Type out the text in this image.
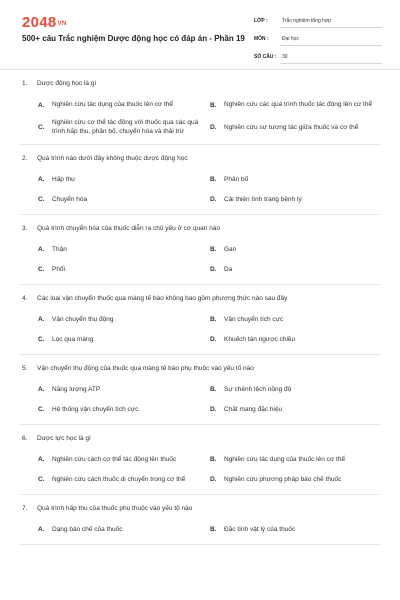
2048VN
500+ câu Trắc nghiệm Dược động học có đáp án - Phần 19
LỚP :	Trắc nghiệm tổng hợp
MÔN :	Đại học
SỐ CÂU :	30
1.	Dược động học là gì
A.	Nghiên cứu tác dụng của thuốc lên cơ thể	B.	Nghiên cứu các quá trình thuốc tác động lên cơ thể
C.
Nghiên cứu cơ thể tác động với thuốc qua các quá trình hấp thu, phân bố, chuyển hóa và thải trừ
D.	Nghiên cứu sự tương tác giữa thuốc và cơ thể
2.	Quá trình nào dưới đây không thuộc dược động học
A.	Hấp thu	B.	Phân bố
C.	Chuyển hóa	D.	Cải thiện tình trạng bệnh lý
3.	Quá trình chuyển hóa của thuốc diễn ra chủ yếu ở cơ quan nào
A.	Thận	B.	Gan
C.	Phổi	D.	Da
4.	Các loại vận chuyển thuốc qua màng tế bào không bao gồm phương thức nào sau đây
A.	Vận chuyển thụ động	B.	Vận chuyển tích cực
C.	Lọc qua màng	D.	Khuếch tán ngược chiều
5.	Vận chuyển thụ động của thuốc qua màng tế bào phụ thuộc vào yếu tố nào
A.	Năng lượng ATP	B.	Sự chênh lệch nồng độ
C.	Hệ thống vận chuyển tích cực	D.	Chất mang đặc hiệu
6.	Dược lực học là gì
A.	Nghiên cứu cách cơ thể tác động lên thuốc	B.	Nghiên cứu tác dụng của thuốc lên cơ thể
C.	Nghiên cứu cách thuốc di chuyển trong cơ thể	D.	Nghiên cứu phương pháp bào chế thuốc
7.	Quá trình hấp thu của thuốc phụ thuộc vào yếu tố nào
A.	Dạng bào chế của thuốc	B.	Đặc tính vật lý của thuốc
